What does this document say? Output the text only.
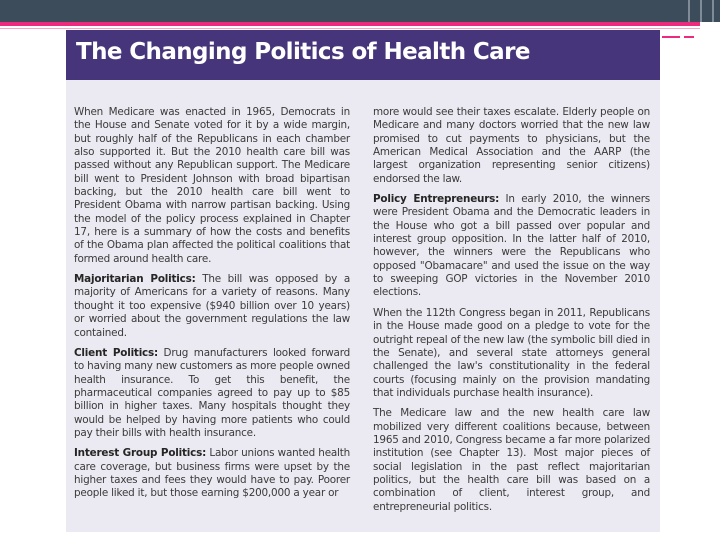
The Changing Politics of Health Care

When Medicare was enacted in 1965, Democrats in the House and Senate voted for it by a wide margin, but roughly half of the Republicans in each chamber also supported it. But the 2010 health care bill was passed without any Republican support. The Medicare bill went to President Johnson with broad bipartisan backing, but the 2010 health care bill went to President Obama with narrow partisan backing. Using the model of the policy process explained in Chapter 17, here is a summary of how the costs and benefits of the Obama plan affected the political coalitions that formed around health care.

Majoritarian Politics: The bill was opposed by a majority of Americans for a variety of reasons. Many thought it too expensive ($940 billion over 10 years) or worried about the government regulations the law contained.

Client Politics: Drug manufacturers looked forward to having many new customers as more people owned health insurance. To get this benefit, the pharmaceutical companies agreed to pay up to $85 billion in higher taxes. Many hospitals thought they would be helped by having more patients who could pay their bills with health insurance.

Interest Group Politics: Labor unions wanted health care coverage, but business firms were upset by the higher taxes and fees they would have to pay. Poorer people liked it, but those earning $200,000 a year or

more would see their taxes escalate. Elderly people on Medicare and many doctors worried that the new law promised to cut payments to physicians, but the American Medical Association and the AARP (the largest organization representing senior citizens) endorsed the law.

Policy Entrepreneurs: In early 2010, the winners were President Obama and the Democratic leaders in the House who got a bill passed over popular and interest group opposition. In the latter half of 2010, however, the winners were the Republicans who opposed "Obamacare" and used the issue on the way to sweeping GOP victories in the November 2010 elections.

When the 112th Congress began in 2011, Republicans in the House made good on a pledge to vote for the outright repeal of the new law (the symbolic bill died in the Senate), and several state attorneys general challenged the law's constitutionality in the federal courts (focusing mainly on the provision mandating that individuals purchase health insurance).

The Medicare law and the new health care law mobilized very different coalitions because, between 1965 and 2010, Congress became a far more polarized institution (see Chapter 13). Most major pieces of social legislation in the past reflect majoritarian politics, but the health care bill was based on a combination of client, interest group, and entrepreneurial politics.
